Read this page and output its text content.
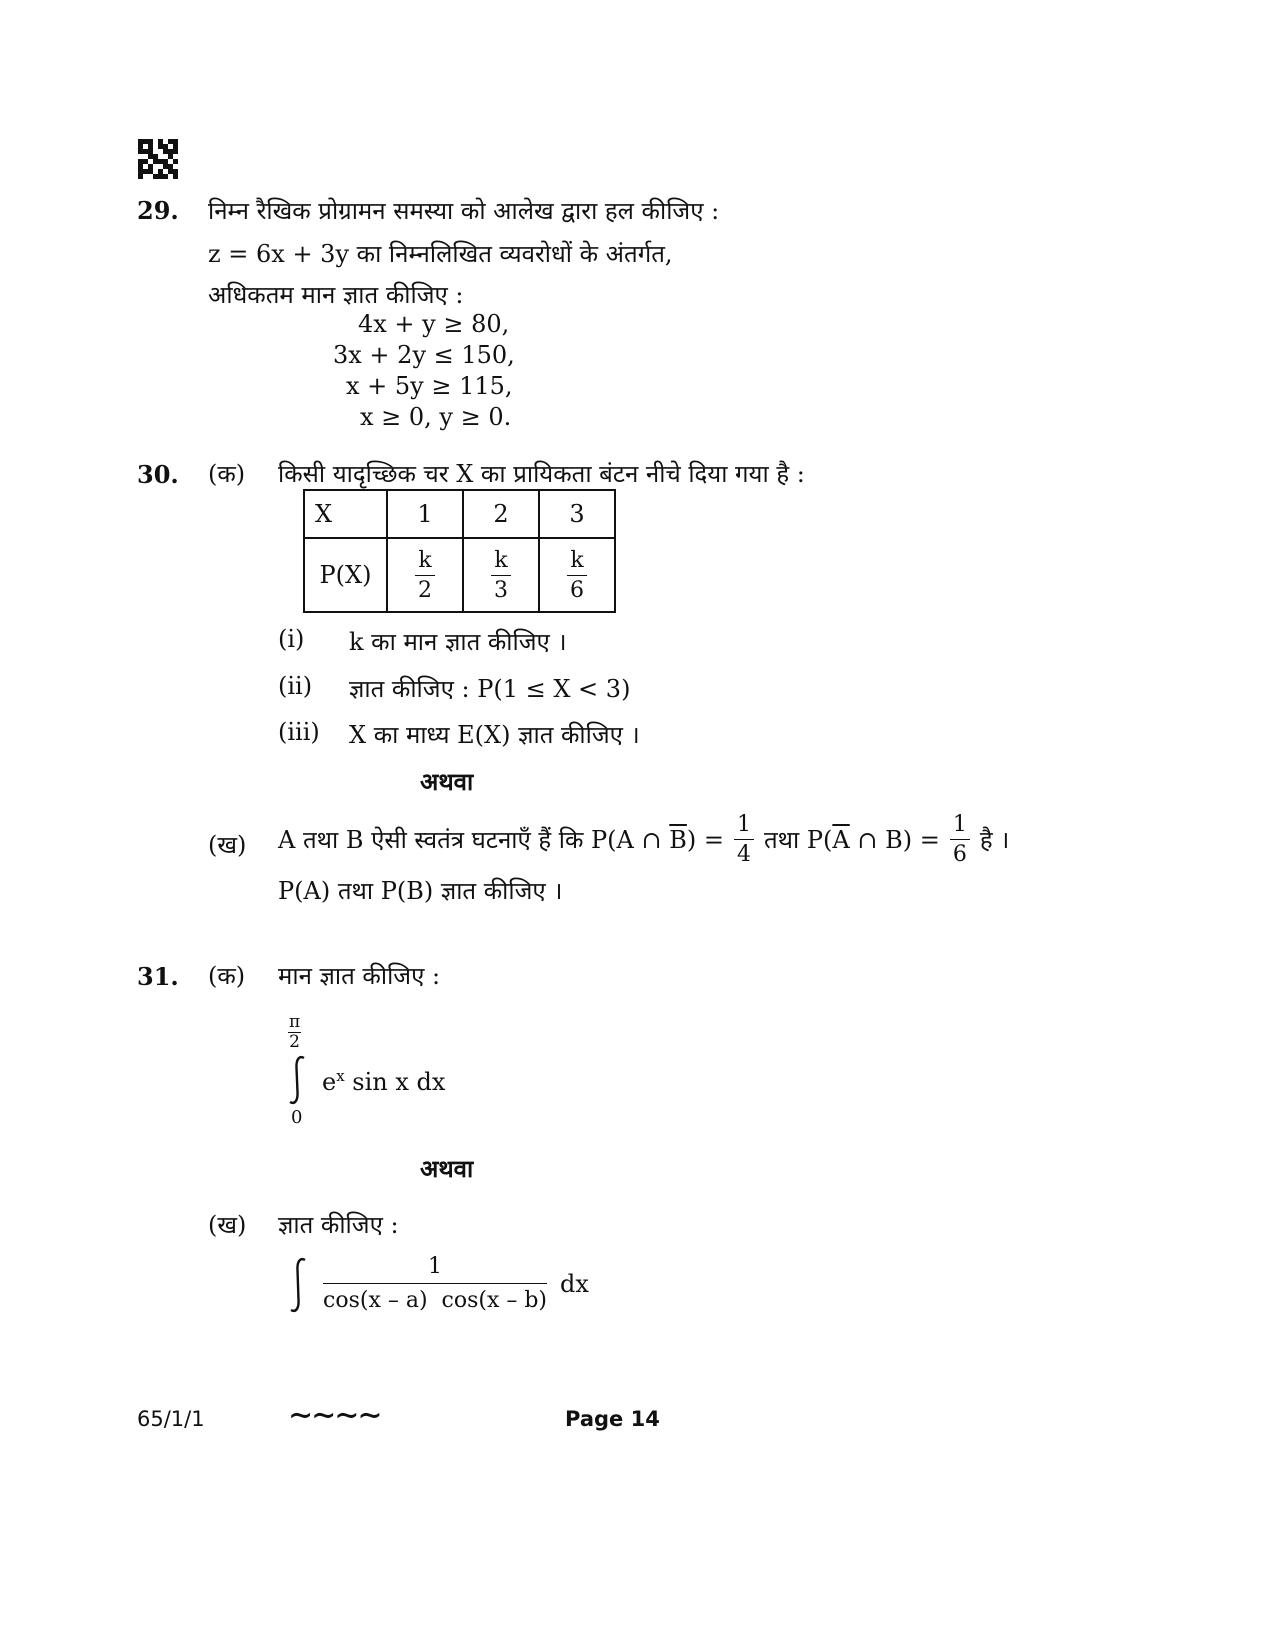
29. निम्न रैखिक प्रोग्रामन समस्या को आलेख द्वारा हल कीजिए :
z = 6x + 3y का निम्नलिखित व्यवरोधों के अंतर्गत,
अधिकतम मान ज्ञात कीजिए :
4x + y ≥ 80,
3x + 2y ≤ 150,
x + 5y ≥ 115,
x ≥ 0, y ≥ 0.
30. (क) किसी यादृच्छिक चर X का प्रायिकता बंटन नीचे दिया गया है :
X	1	2	3
P(X)	$\frac{k}{2}$	$\frac{k}{3}$	$\frac{k}{6}$
(i) k का मान ज्ञात कीजिए ।
(ii) ज्ञात कीजिए : P(1 ≤ X < 3)
(iii) X का माध्य E(X) ज्ञात कीजिए ।
अथवा
(ख) A तथा B ऐसी स्वतंत्र घटनाएँ हैं कि P(A ∩ $\overline{B}$ ) = $\frac{1}{4}$ तथा P( $\overline{A}$ ∩ $B) = \frac{1}{6}$ है ।
P(A) तथा P(B) ज्ञात कीजिए ।
31. (क) मान ज्ञात कीजिए :
$\frac{\pi}{2}$
0
$e^x$ sin x dx
अथवा
(ख) ज्ञात कीजिए :
$\frac{1}{\cos(x - a) \cos(x - b)}$ dx
65/1/1	∼∼∼∼	Page 14
